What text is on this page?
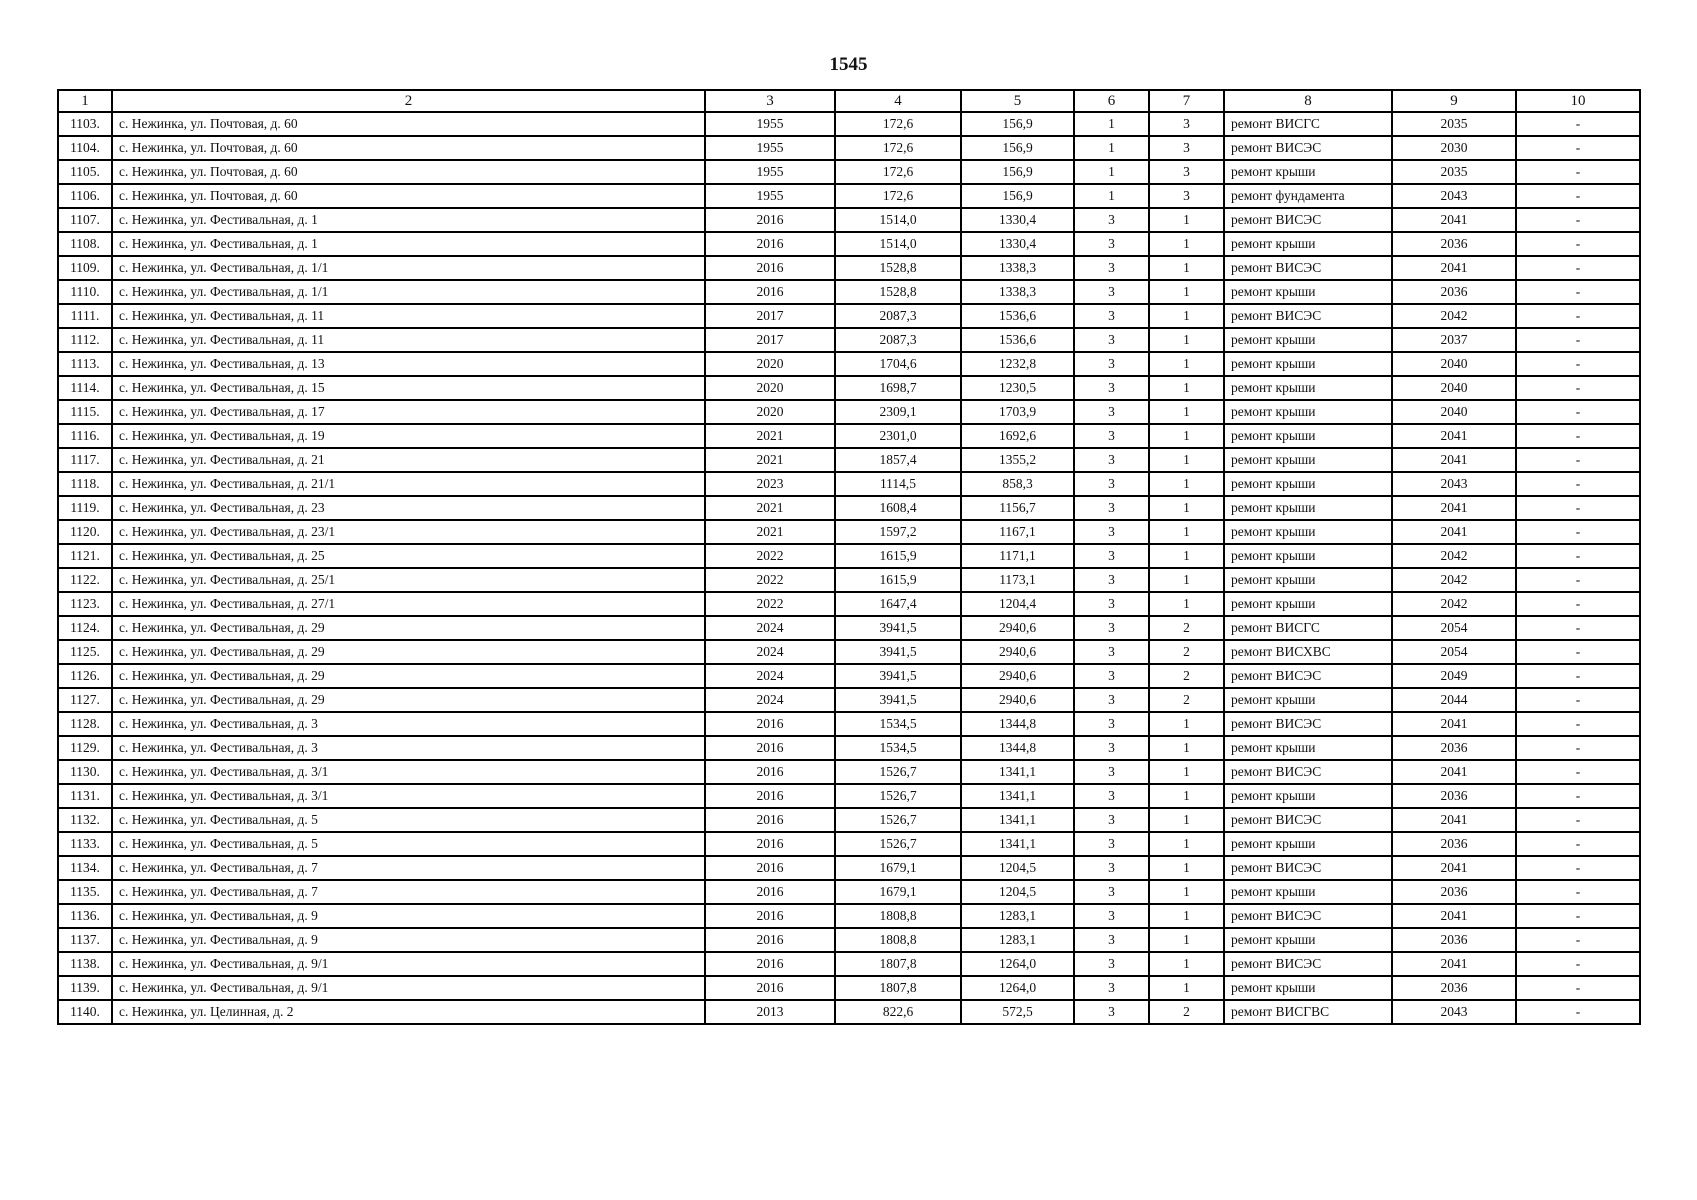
1545
1	2	3	4	5	6	7	8	9	10
1103.	с. Нежинка, ул. Почтовая, д. 60	1955	172,6	156,9	1	3	ремонт ВИСГС	2035	-
1104.	с. Нежинка, ул. Почтовая, д. 60	1955	172,6	156,9	1	3	ремонт ВИСЭС	2030	-
1105.	с. Нежинка, ул. Почтовая, д. 60	1955	172,6	156,9	1	3	ремонт крыши	2035	-
1106.	с. Нежинка, ул. Почтовая, д. 60	1955	172,6	156,9	1	3	ремонт фундамента	2043	-
1107.	с. Нежинка, ул. Фестивальная, д. 1	2016	1514,0	1330,4	3	1	ремонт ВИСЭС	2041	-
1108.	с. Нежинка, ул. Фестивальная, д. 1	2016	1514,0	1330,4	3	1	ремонт крыши	2036	-
1109.	с. Нежинка, ул. Фестивальная, д. 1/1	2016	1528,8	1338,3	3	1	ремонт ВИСЭС	2041	-
1110.	с. Нежинка, ул. Фестивальная, д. 1/1	2016	1528,8	1338,3	3	1	ремонт крыши	2036	-
1111.	с. Нежинка, ул. Фестивальная, д. 11	2017	2087,3	1536,6	3	1	ремонт ВИСЭС	2042	-
1112.	с. Нежинка, ул. Фестивальная, д. 11	2017	2087,3	1536,6	3	1	ремонт крыши	2037	-
1113.	с. Нежинка, ул. Фестивальная, д. 13	2020	1704,6	1232,8	3	1	ремонт крыши	2040	-
1114.	с. Нежинка, ул. Фестивальная, д. 15	2020	1698,7	1230,5	3	1	ремонт крыши	2040	-
1115.	с. Нежинка, ул. Фестивальная, д. 17	2020	2309,1	1703,9	3	1	ремонт крыши	2040	-
1116.	с. Нежинка, ул. Фестивальная, д. 19	2021	2301,0	1692,6	3	1	ремонт крыши	2041	-
1117.	с. Нежинка, ул. Фестивальная, д. 21	2021	1857,4	1355,2	3	1	ремонт крыши	2041	-
1118.	с. Нежинка, ул. Фестивальная, д. 21/1	2023	1114,5	858,3	3	1	ремонт крыши	2043	-
1119.	с. Нежинка, ул. Фестивальная, д. 23	2021	1608,4	1156,7	3	1	ремонт крыши	2041	-
1120.	с. Нежинка, ул. Фестивальная, д. 23/1	2021	1597,2	1167,1	3	1	ремонт крыши	2041	-
1121.	с. Нежинка, ул. Фестивальная, д. 25	2022	1615,9	1171,1	3	1	ремонт крыши	2042	-
1122.	с. Нежинка, ул. Фестивальная, д. 25/1	2022	1615,9	1173,1	3	1	ремонт крыши	2042	-
1123.	с. Нежинка, ул. Фестивальная, д. 27/1	2022	1647,4	1204,4	3	1	ремонт крыши	2042	-
1124.	с. Нежинка, ул. Фестивальная, д. 29	2024	3941,5	2940,6	3	2	ремонт ВИСГС	2054	-
1125.	с. Нежинка, ул. Фестивальная, д. 29	2024	3941,5	2940,6	3	2	ремонт ВИСХВС	2054	-
1126.	с. Нежинка, ул. Фестивальная, д. 29	2024	3941,5	2940,6	3	2	ремонт ВИСЭС	2049	-
1127.	с. Нежинка, ул. Фестивальная, д. 29	2024	3941,5	2940,6	3	2	ремонт крыши	2044	-
1128.	с. Нежинка, ул. Фестивальная, д. 3	2016	1534,5	1344,8	3	1	ремонт ВИСЭС	2041	-
1129.	с. Нежинка, ул. Фестивальная, д. 3	2016	1534,5	1344,8	3	1	ремонт крыши	2036	-
1130.	с. Нежинка, ул. Фестивальная, д. 3/1	2016	1526,7	1341,1	3	1	ремонт ВИСЭС	2041	-
1131.	с. Нежинка, ул. Фестивальная, д. 3/1	2016	1526,7	1341,1	3	1	ремонт крыши	2036	-
1132.	с. Нежинка, ул. Фестивальная, д. 5	2016	1526,7	1341,1	3	1	ремонт ВИСЭС	2041	-
1133.	с. Нежинка, ул. Фестивальная, д. 5	2016	1526,7	1341,1	3	1	ремонт крыши	2036	-
1134.	с. Нежинка, ул. Фестивальная, д. 7	2016	1679,1	1204,5	3	1	ремонт ВИСЭС	2041	-
1135.	с. Нежинка, ул. Фестивальная, д. 7	2016	1679,1	1204,5	3	1	ремонт крыши	2036	-
1136.	с. Нежинка, ул. Фестивальная, д. 9	2016	1808,8	1283,1	3	1	ремонт ВИСЭС	2041	-
1137.	с. Нежинка, ул. Фестивальная, д. 9	2016	1808,8	1283,1	3	1	ремонт крыши	2036	-
1138.	с. Нежинка, ул. Фестивальная, д. 9/1	2016	1807,8	1264,0	3	1	ремонт ВИСЭС	2041	-
1139.	с. Нежинка, ул. Фестивальная, д. 9/1	2016	1807,8	1264,0	3	1	ремонт крыши	2036	-
1140.	с. Нежинка, ул. Целинная, д. 2	2013	822,6	572,5	3	2	ремонт ВИСГВС	2043	-
